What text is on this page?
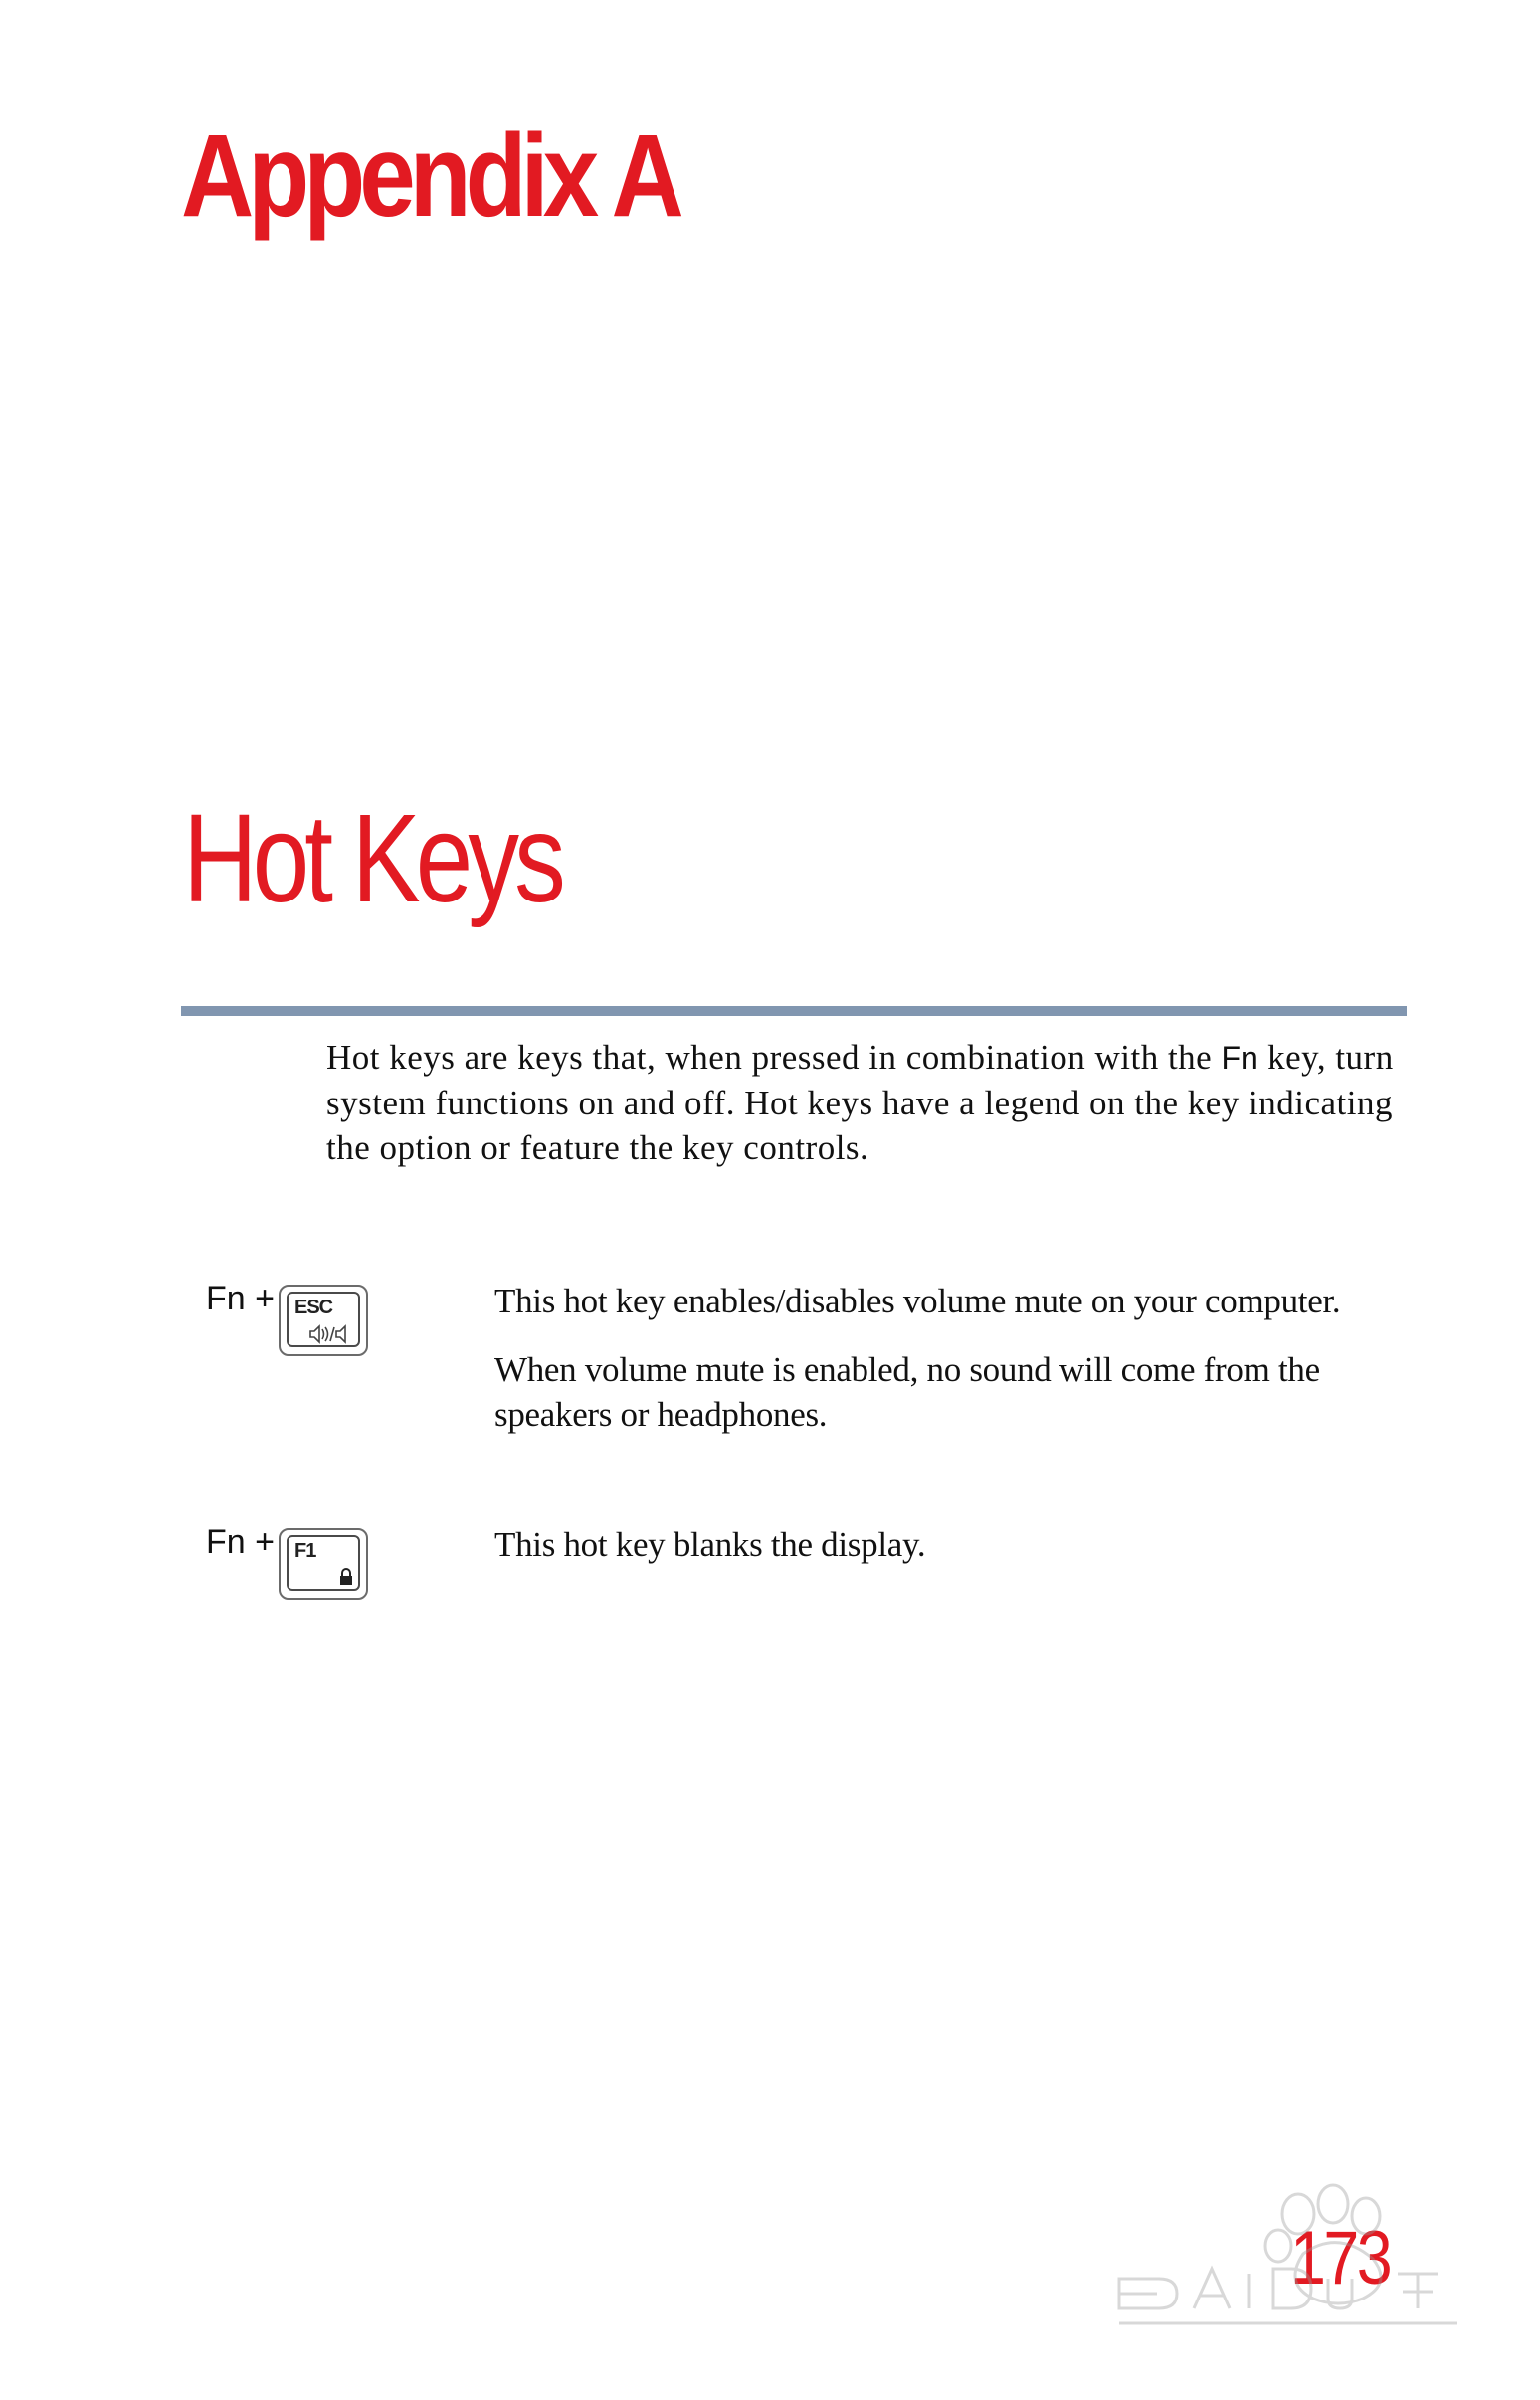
Appendix A
Hot Keys

Hot keys are keys that, when pressed in combination with the Fn key, turn system functions on and off. Hot keys have a legend on the key indicating the option or feature the key controls.

Fn + ESC	This hot key enables/disables volume mute on your computer.

When volume mute is enabled, no sound will come from the speakers or headphones.

Fn + F1	This hot key blanks the display.

173
